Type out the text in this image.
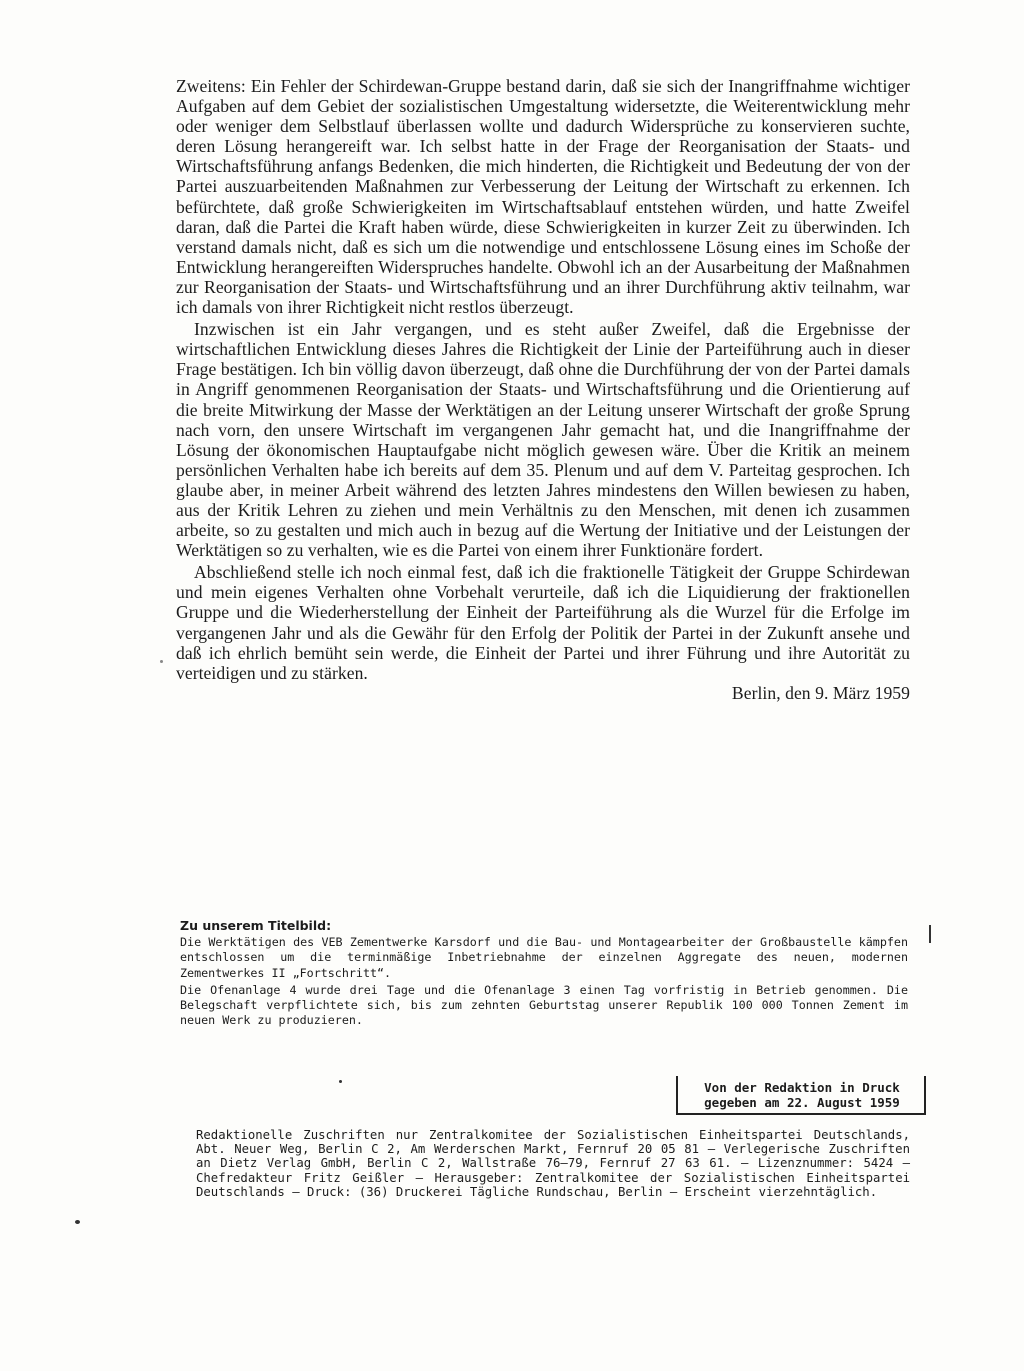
Zweitens: Ein Fehler der Schirdewan-Gruppe bestand darin, daß sie sich der Inangriffnahme wichtiger Aufgaben auf dem Gebiet der sozialistischen Umgestaltung widersetzte, die Weiterentwicklung mehr oder weniger dem Selbstlauf überlassen wollte und dadurch Widersprüche zu konservieren suchte, deren Lösung herangereift war. Ich selbst hatte in der Frage der Reorganisation der Staats- und Wirtschaftsführung anfangs Bedenken, die mich hinderten, die Richtigkeit und Bedeutung der von der Partei auszuarbeitenden Maßnahmen zur Verbesserung der Leitung der Wirtschaft zu erkennen. Ich befürchtete, daß große Schwierigkeiten im Wirtschaftsablauf entstehen würden, und hatte Zweifel daran, daß die Partei die Kraft haben würde, diese Schwierigkeiten in kurzer Zeit zu überwinden. Ich verstand damals nicht, daß es sich um die notwendige und entschlossene Lösung eines im Schoße der Entwicklung herangereiften Widerspruches handelte. Obwohl ich an der Ausarbeitung der Maßnahmen zur Reorganisation der Staats- und Wirtschaftsführung und an ihrer Durchführung aktiv teilnahm, war ich damals von ihrer Richtigkeit nicht restlos überzeugt.

Inzwischen ist ein Jahr vergangen, und es steht außer Zweifel, daß die Ergebnisse der wirtschaftlichen Entwicklung dieses Jahres die Richtigkeit der Linie der Parteiführung auch in dieser Frage bestätigen. Ich bin völlig davon überzeugt, daß ohne die Durchführung der von der Partei damals in Angriff genommenen Reorganisation der Staats- und Wirtschaftsführung und die Orientierung auf die breite Mitwirkung der Masse der Werktätigen an der Leitung unserer Wirtschaft der große Sprung nach vorn, den unsere Wirtschaft im vergangenen Jahr gemacht hat, und die Inangriffnahme der Lösung der ökonomischen Hauptaufgabe nicht möglich gewesen wäre. Über die Kritik an meinem persönlichen Verhalten habe ich bereits auf dem 35. Plenum und auf dem V. Parteitag gesprochen. Ich glaube aber, in meiner Arbeit während des letzten Jahres mindestens den Willen bewiesen zu haben, aus der Kritik Lehren zu ziehen und mein Verhältnis zu den Menschen, mit denen ich zusammen arbeite, so zu gestalten und mich auch in bezug auf die Wertung der Initiative und der Leistungen der Werktätigen so zu verhalten, wie es die Partei von einem ihrer Funktionäre fordert.

Abschließend stelle ich noch einmal fest, daß ich die fraktionelle Tätigkeit der Gruppe Schirdewan und mein eigenes Verhalten ohne Vorbehalt verurteile, daß ich die Liquidierung der fraktionellen Gruppe und die Wiederherstellung der Einheit der Parteiführung als die Wurzel für die Erfolge im vergangenen Jahr und als die Gewähr für den Erfolg der Politik der Partei in der Zukunft ansehe und daß ich ehrlich bemüht sein werde, die Einheit der Partei und ihrer Führung und ihre Autorität zu verteidigen und zu stärken.

Berlin, den 9. März 1959

Zu unserem Titelbild:

Die Werktätigen des VEB Zementwerke Karsdorf und die Bau- und Montagearbeiter der Großbaustelle kämpfen entschlossen um die terminmäßige Inbetriebnahme der einzelnen Aggregate des neuen, modernen Zementwerkes II „Fortschritt“.

Die Ofenanlage 4 wurde drei Tage und die Ofenanlage 3 einen Tag vorfristig in Betrieb genommen. Die Belegschaft verpflichtete sich, bis zum zehnten Geburtstag unserer Republik 100 000 Tonnen Zement im neuen Werk zu produzieren.

Von der Redaktion in Druck
gegeben am 22. August 1959

Redaktionelle Zuschriften nur Zentralkomitee der Sozialistischen Einheitspartei Deutschlands, Abt. Neuer Weg, Berlin C 2, Am Werderschen Markt, Fernruf 20 05 81 — Verlegerische Zuschriften an Dietz Verlag GmbH, Berlin C 2, Wallstraße 76–79, Fernruf 27 63 61. — Lizenznummer: 5424 — Chefredakteur Fritz Geißler — Herausgeber: Zentralkomitee der Sozialistischen Einheitspartei Deutschlands — Druck: (36) Druckerei Tägliche Rundschau, Berlin — Erscheint vierzehntäglich.
